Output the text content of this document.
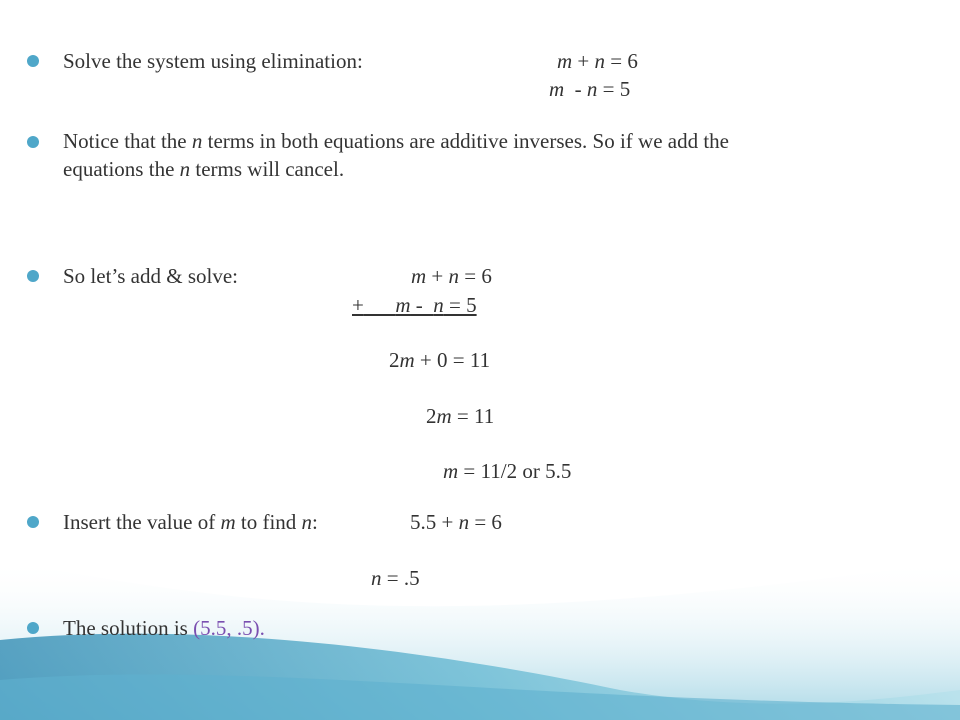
Solve the system using elimination:	m + n = 6
m  - n = 5
Notice that the n terms in both equations are additive inverses. So if we add the
equations the n terms will cancel.
So let’s add & solve:	m + n = 6
+ m -  n = 5
2m + 0 = 11
2m = 11
m = 11/2 or 5.5
Insert the value of m to find n:	5.5 + n = 6
n = .5
The solution is (5.5, .5).
